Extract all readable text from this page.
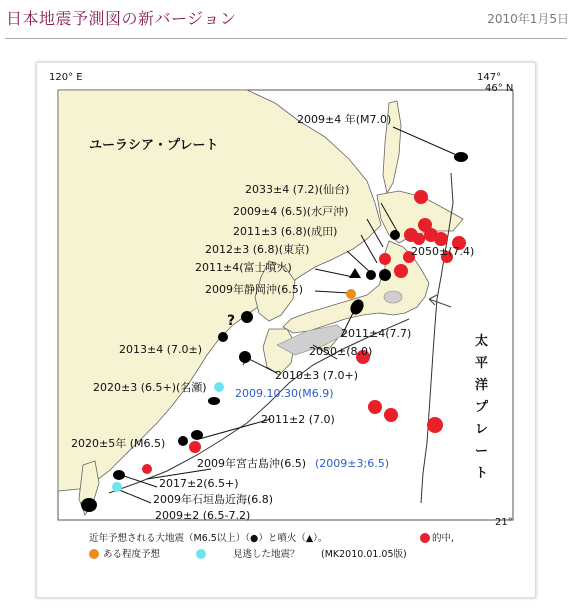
日本地震予測図の新バージョン	2010年1月5日
120° E	147°
46° N
21°
ユーラシア・プレート
太平洋プレート
2009±4 年(M7.0)
2033±4 (7.2)(仙台)
2009±4 (6.5)(水戸沖)
2011±3 (6.8)(成田)
2012±3 (6.8)(東京)	2050±(7.4)
2011±4(富士噴火)
2009年静岡沖(6.5)
2011±4(7.7)
2050±(8.0)
2013±4 (7.0±)
2010±3 (7.0+)
2020±3 (6.5+)(名瀬)	2009.10.30(M6.9)
2011±2 (7.0)
2020±5年 (M6.5)
2009年宮古島沖(6.5) (2009±3;6.5)
2017±2(6.5+)
2009年石垣島近海(6.8)
2009±2 (6.5-7.2)
?
近年予想される大地震（M6.5以上）（●）と噴火（▲）。	的中,
ある程度予想	見逃した地震？ (MK2010.01.05版)
